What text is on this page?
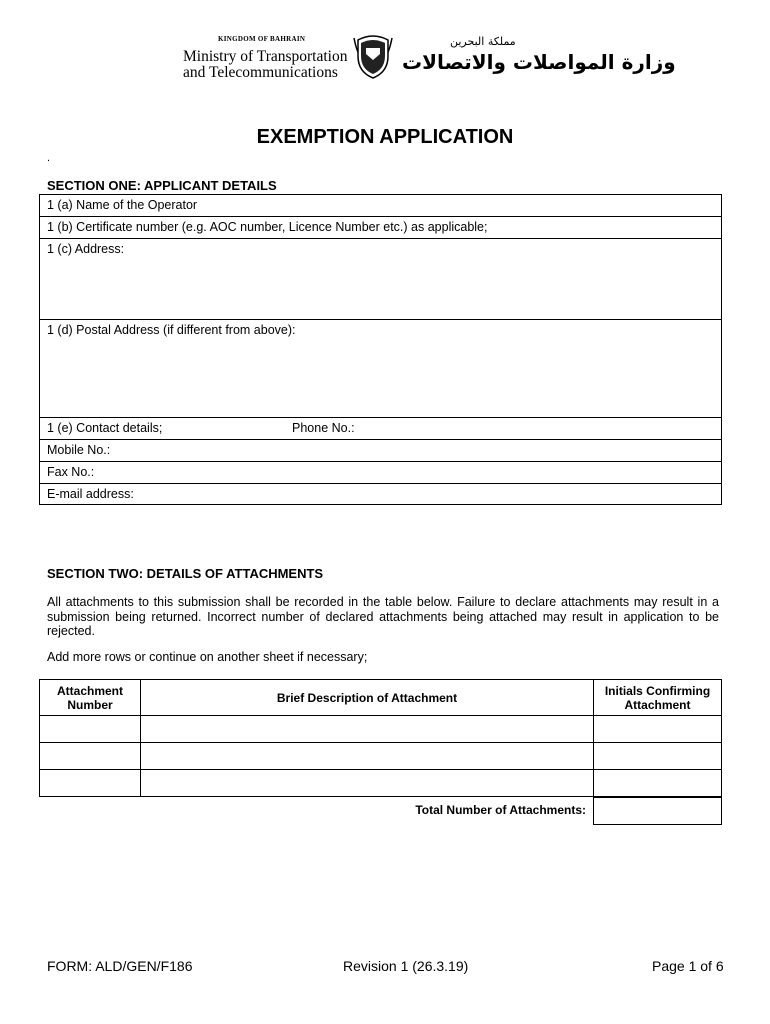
KINGDOM OF BAHRAIN
Ministry of Transportation
and Telecommunications
مملكة البحرين
وزارة المواصلات والاتصالات
EXEMPTION APPLICATION
.
SECTION ONE: APPLICANT DETAILS
1 (a) Name of the Operator
1 (b) Certificate number (e.g. AOC number, Licence Number etc.) as applicable;
1 (c) Address:
1 (d) Postal Address (if different from above):
1 (e) Contact details;	Phone No.:
Mobile No.:
Fax No.:
E-mail address:
SECTION TWO: DETAILS OF ATTACHMENTS
All attachments to this submission shall be recorded in the table below. Failure to declare attachments may result in a submission being returned. Incorrect number of declared attachments being attached may result in application to be rejected.
Add more rows or continue on another sheet if necessary;
Attachment Number	Brief Description of Attachment	Initials Confirming Attachment

Total Number of Attachments:
FORM: ALD/GEN/F186	Revision 1 (26.3.19)	Page 1 of 6
